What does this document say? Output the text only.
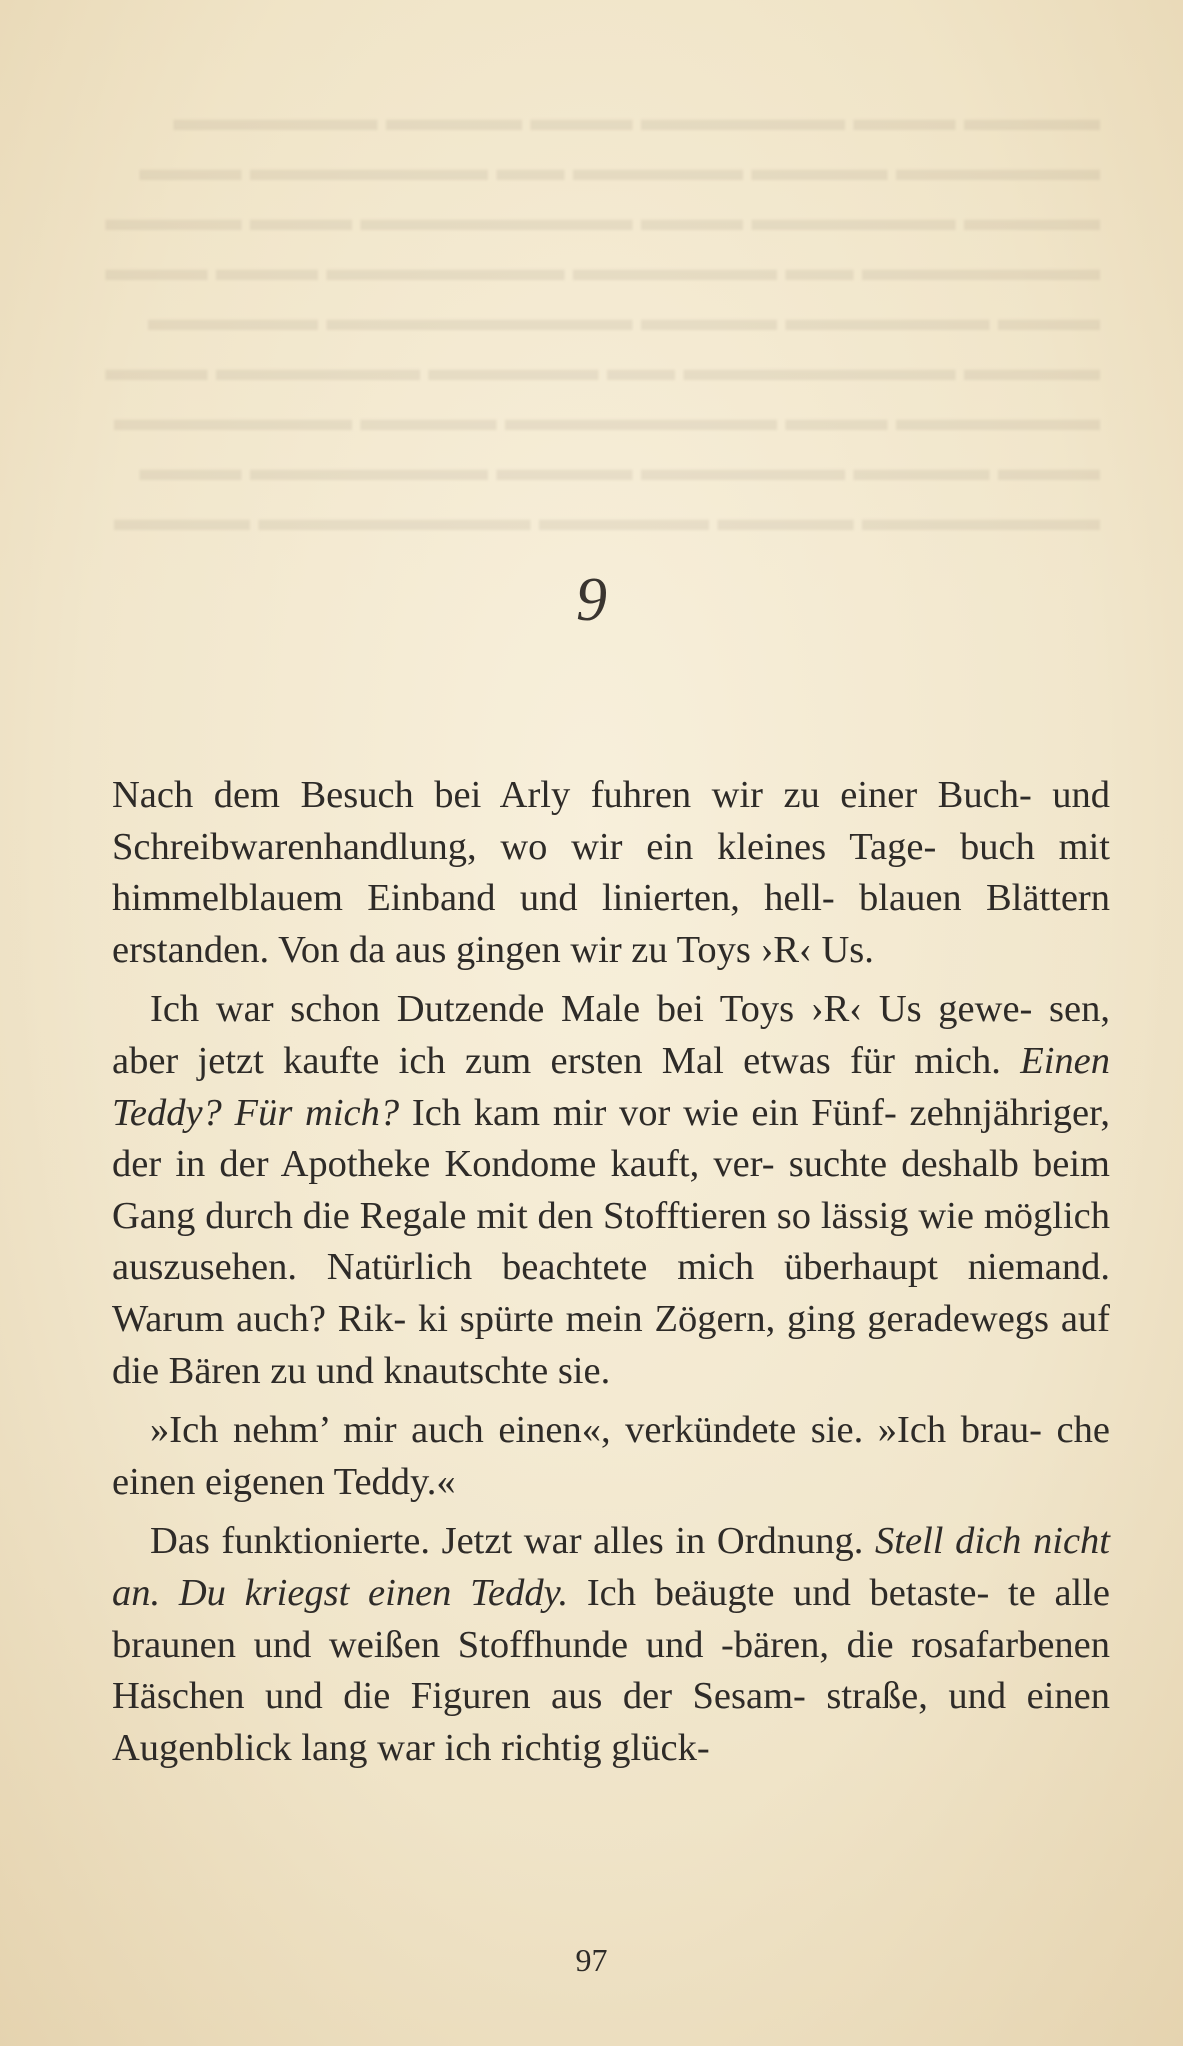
▬▬▬▬ ▬▬▬ ▬▬▬▬▬▬ ▬▬▬ ▬▬▬▬ ▬▬▬▬▬▬
▬▬▬▬▬▬ ▬▬▬▬ ▬▬▬▬▬ ▬▬ ▬▬▬▬▬▬▬ ▬▬▬
▬▬▬▬ ▬▬▬▬▬▬ ▬▬▬ ▬▬▬▬▬▬▬▬ ▬▬▬ ▬▬▬▬
▬▬▬▬▬▬▬ ▬▬ ▬▬▬▬▬▬ ▬▬▬▬▬▬▬ ▬▬▬ ▬▬▬
▬▬▬ ▬▬▬▬▬▬ ▬▬▬▬ ▬▬▬▬▬▬▬▬▬ ▬▬▬▬▬
▬▬▬▬ ▬▬▬▬▬▬▬▬ ▬▬ ▬▬▬▬▬ ▬▬▬▬▬▬ ▬▬▬
▬▬▬▬▬▬ ▬▬▬ ▬▬▬▬▬▬▬▬ ▬▬▬▬ ▬▬▬▬▬▬▬
▬▬▬ ▬▬▬▬ ▬▬▬▬▬▬ ▬▬▬▬ ▬▬▬▬▬▬▬ ▬▬▬
▬▬▬▬▬▬▬ ▬▬▬▬ ▬▬▬▬▬ ▬▬▬▬▬▬▬▬ ▬▬▬▬
9

Nach dem Besuch bei Arly fuhren wir zu einer Buch- und Schreibwarenhandlung, wo wir ein kleines Tage- buch mit himmelblauem Einband und linierten, hell- blauen Blättern erstanden. Von da aus gingen wir zu Toys ›R‹ Us.

Ich war schon Dutzende Male bei Toys ›R‹ Us gewe- sen, aber jetzt kaufte ich zum ersten Mal etwas für mich. Einen Teddy? Für mich? Ich kam mir vor wie ein Fünf- zehnjähriger, der in der Apotheke Kondome kauft, ver- suchte deshalb beim Gang durch die Regale mit den Stofftieren so lässig wie möglich auszusehen. Natürlich beachtete mich überhaupt niemand. Warum auch? Rik- ki spürte mein Zögern, ging geradewegs auf die Bären zu und knautschte sie.

»Ich nehm’ mir auch einen«, verkündete sie. »Ich brau- che einen eigenen Teddy.«

Das funktionierte. Jetzt war alles in Ordnung. Stell dich nicht an. Du kriegst einen Teddy. Ich beäugte und betaste- te alle braunen und weißen Stoffhunde und -bären, die rosafarbenen Häschen und die Figuren aus der Sesam- straße, und einen Augenblick lang war ich richtig glück-

97
